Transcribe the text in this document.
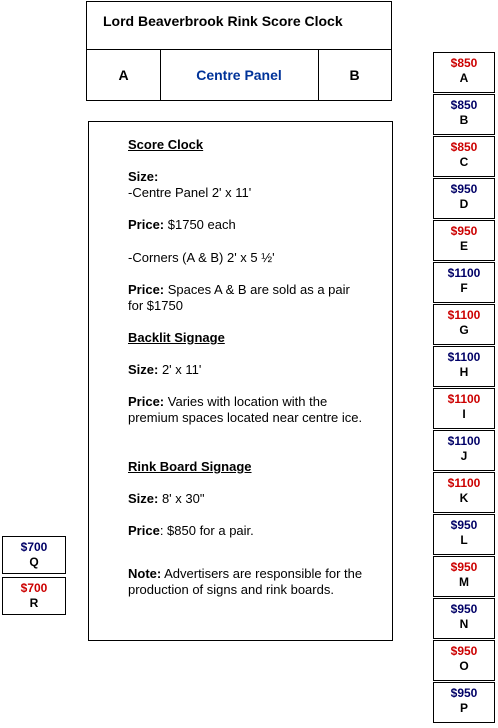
Lord Beaverbrook Rink Score Clock
A	Centre Panel	B
Score Clock
Size:
-Centre Panel 2' x 11'
Price: $1750 each
-Corners (A & B) 2' x 5 ½'
Price: Spaces A & B are sold as a pair for $1750
Backlit Signage
Size: 2' x 11'
Price: Varies with location with the premium spaces located near centre ice.
Rink Board Signage
Size: 8' x 30"
Price: $850 for a pair.
Note: Advertisers are responsible for the production of signs and rink boards.
$850
A
$850
B
$850
C
$950
D
$950
E
$1100
F
$1100
G
$1100
H
$1100
I
$1100
J
$1100
K
$950
L
$950
M
$950
N
$950
O
$950
P
$700
Q
$700
R
